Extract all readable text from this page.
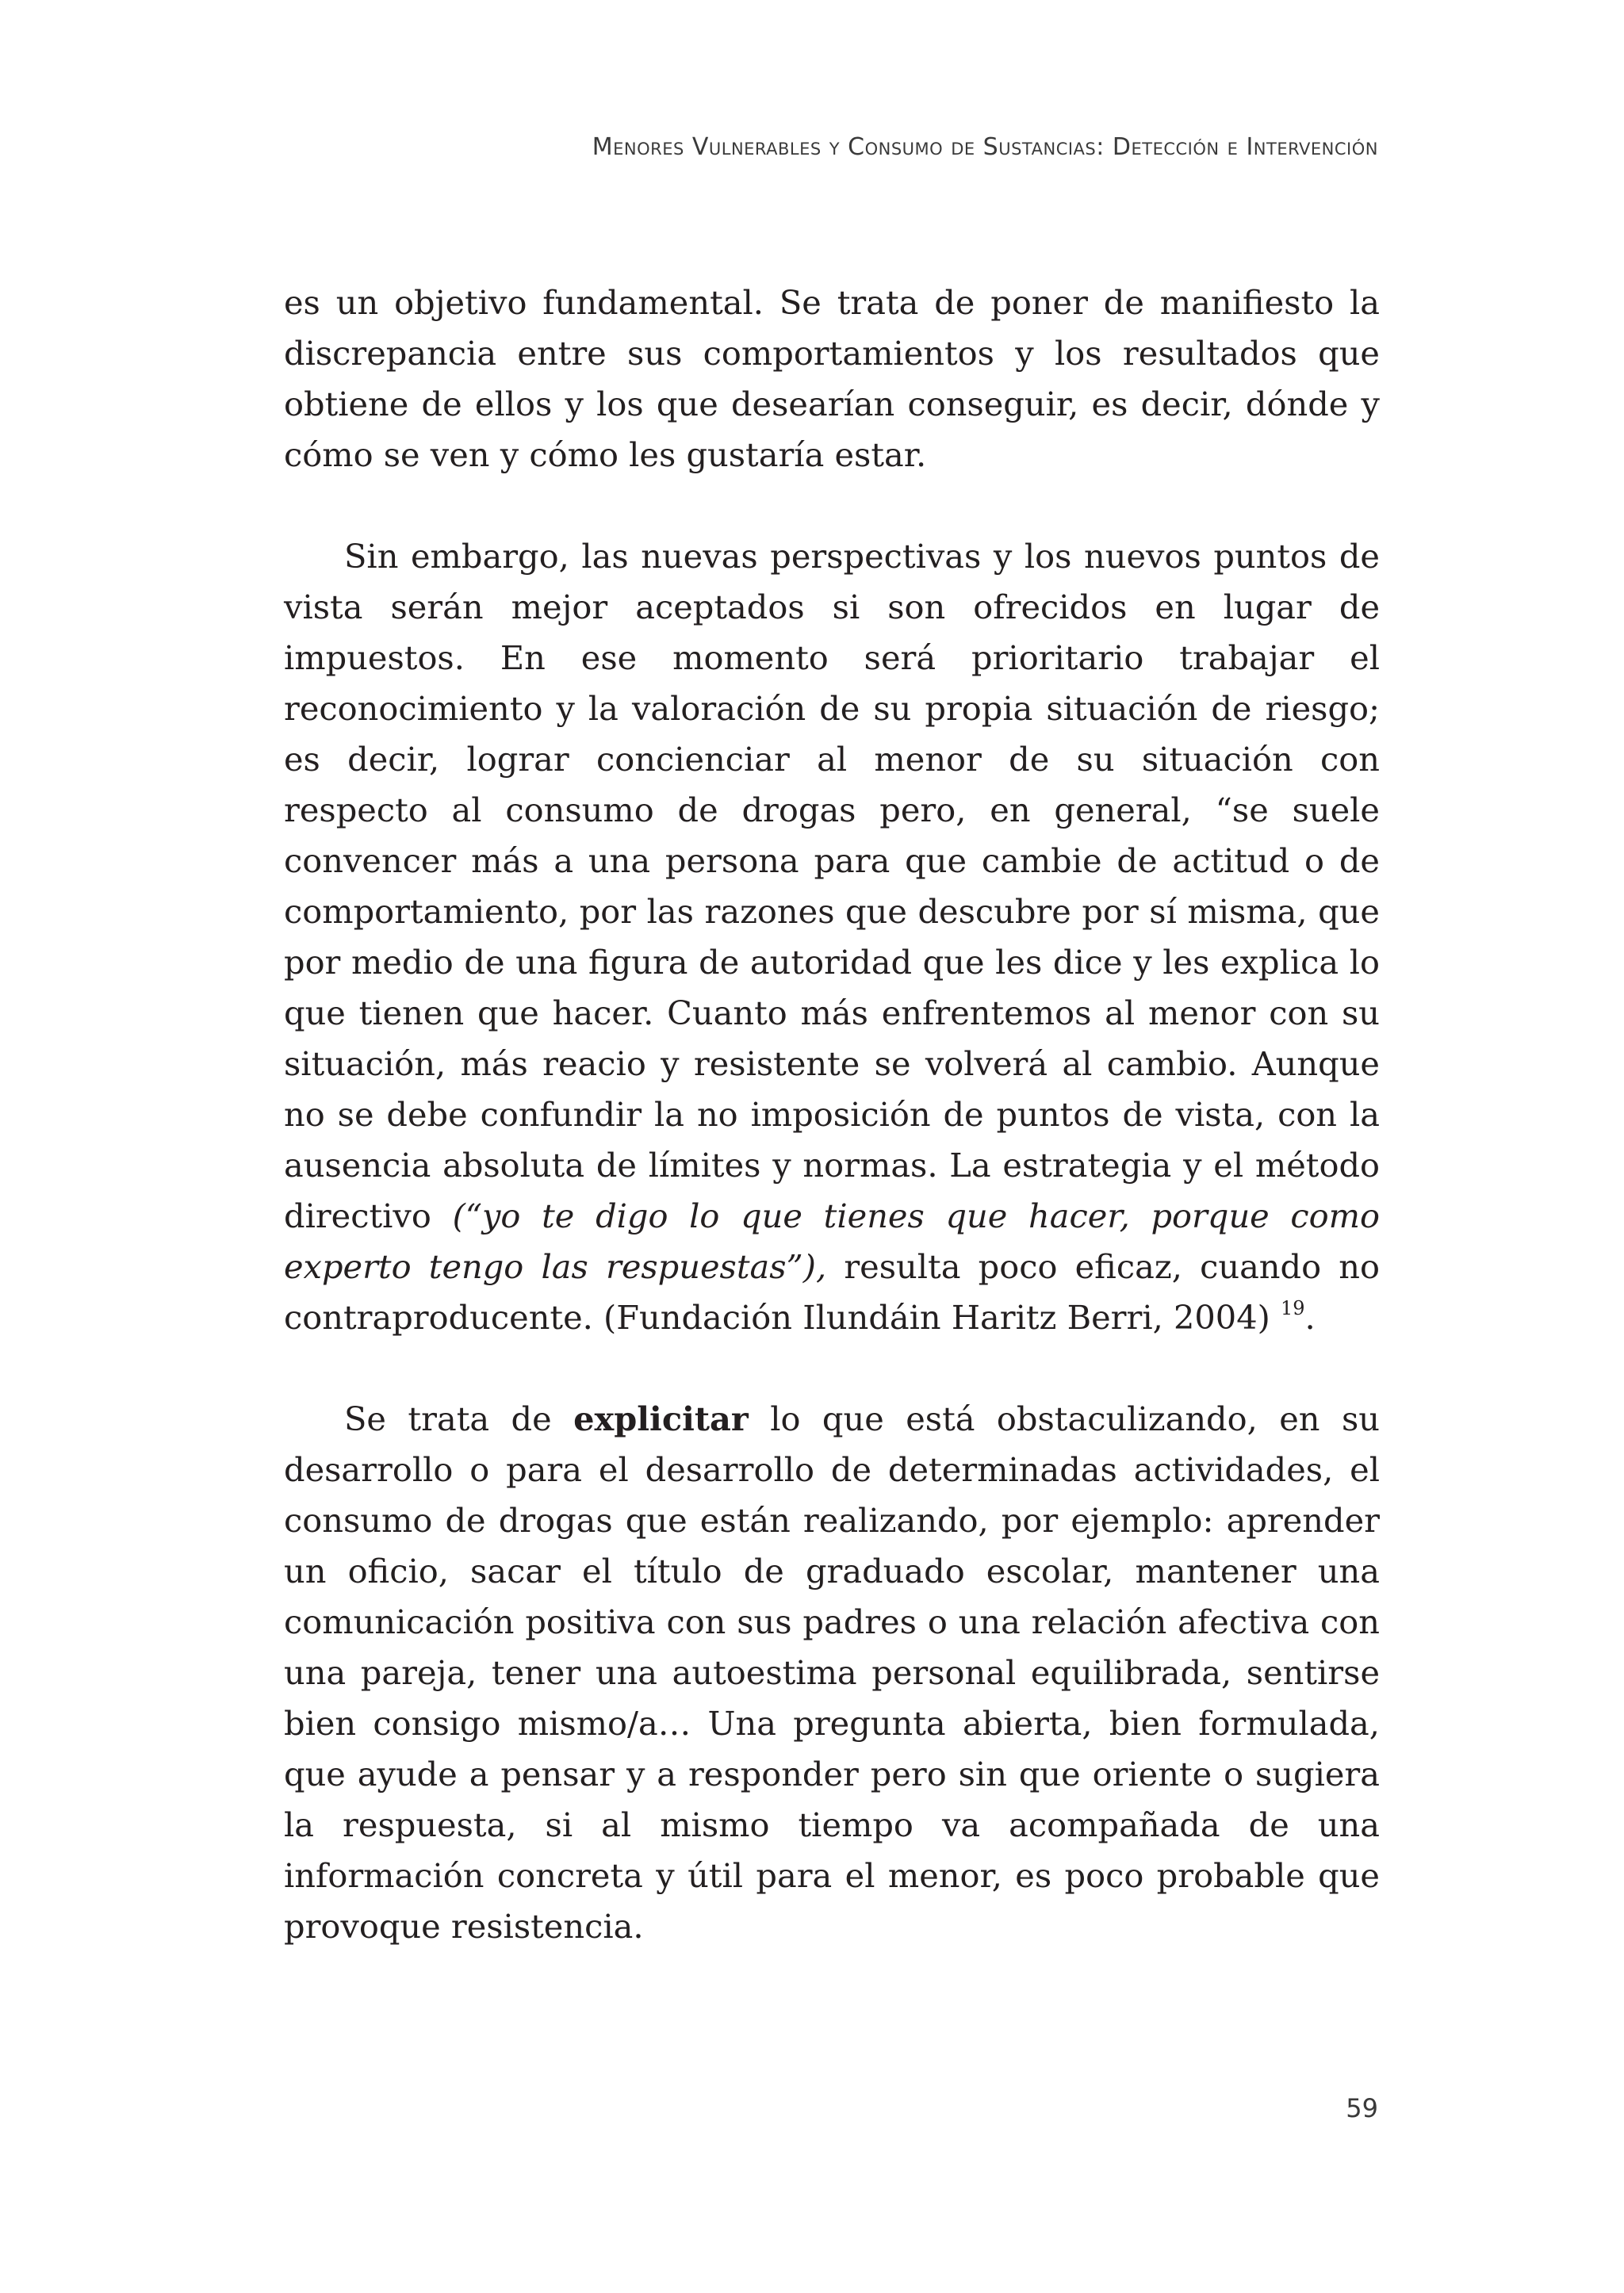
Menores Vulnerables y Consumo de Sustancias: Detección e Intervención

es un objetivo fundamental. Se trata de poner de manifiesto la discrepancia entre sus comportamientos y los resultados que obtiene de ellos y los que desearían conseguir, es decir, dónde y cómo se ven y cómo les gustaría estar.

Sin embargo, las nuevas perspectivas y los nuevos puntos de vista serán mejor aceptados si son ofrecidos en lugar de impuestos. En ese momento será prioritario trabajar el reconocimiento y la valoración de su propia situación de riesgo; es decir, lograr concienciar al menor de su situación con respecto al consumo de drogas pero, en general, “se suele convencer más a una persona para que cambie de actitud o de comportamiento, por las razones que descubre por sí misma, que por medio de una figura de autoridad que les dice y les explica lo que tienen que hacer. Cuanto más enfrentemos al menor con su situación, más reacio y resistente se volverá al cambio. Aunque no se debe confundir la no imposición de puntos de vista, con la ausencia absoluta de límites y normas. La estrategia y el método directivo (“yo te digo lo que tienes que hacer, porque como experto tengo las respuestas”), resulta poco eficaz, cuando no contraproducente. (Fundación Ilundáin Haritz Berri, 2004) $^{19}$.

Se trata de explicitar lo que está obstaculizando, en su desarrollo o para el desarrollo de determinadas actividades, el consumo de drogas que están realizando, por ejemplo: aprender un oficio, sacar el título de graduado escolar, mantener una comunicación positiva con sus padres o una relación afectiva con una pareja, tener una autoestima personal equilibrada, sentirse bien consigo mismo/a… Una pregunta abierta, bien formulada, que ayude a pensar y a responder pero sin que oriente o sugiera la respuesta, si al mismo tiempo va acompañada de una información concreta y útil para el menor, es poco probable que provoque resistencia.

59
